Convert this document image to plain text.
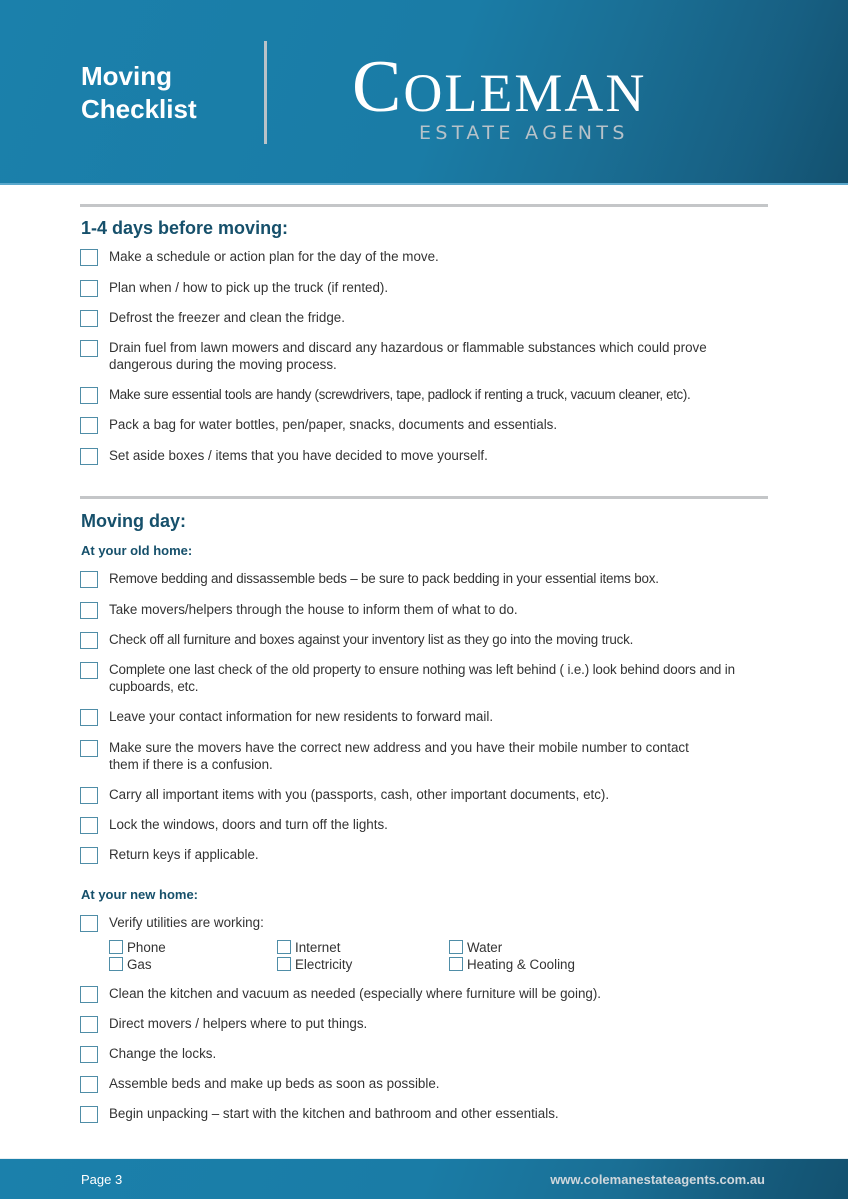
Moving
Checklist	COLEMAN
ESTATE AGENTS
1-4 days before moving:
Make a schedule or action plan for the day of the move.
Plan when / how to pick up the truck (if rented).
Defrost the freezer and clean the fridge.
Drain fuel from lawn mowers and discard any hazardous or flammable substances which could prove dangerous during the moving process.
Make sure essential tools are handy (screwdrivers, tape, padlock if renting a truck, vacuum cleaner, etc).
Pack a bag for water bottles, pen/paper, snacks, documents and essentials.
Set aside boxes / items that you have decided to move yourself.
Moving day:
At your old home:
Remove bedding and dissassemble beds – be sure to pack bedding in your essential items box.
Take movers/helpers through the house to inform them of what to do.
Check off all furniture and boxes against your inventory list as they go into the moving truck.
Complete one last check of the old property to ensure nothing was left behind ( i.e.) look behind doors and in cupboards, etc.
Leave your contact information for new residents to forward mail.
Make sure the movers have the correct new address and you have their mobile number to contact them if there is a confusion.
Carry all important items with you (passports, cash, other important documents, etc).
Lock the windows, doors and turn off the lights.
Return keys if applicable.
At your new home:
Verify utilities are working:
Phone	Internet	Water
Gas	Electricity	Heating & Cooling
Clean the kitchen and vacuum as needed (especially where furniture will be going).
Direct movers / helpers where to put things.
Change the locks.
Assemble beds and make up beds as soon as possible.
Begin unpacking – start with the kitchen and bathroom and other essentials.
Page 3	www.colemanestateagents.com.au
